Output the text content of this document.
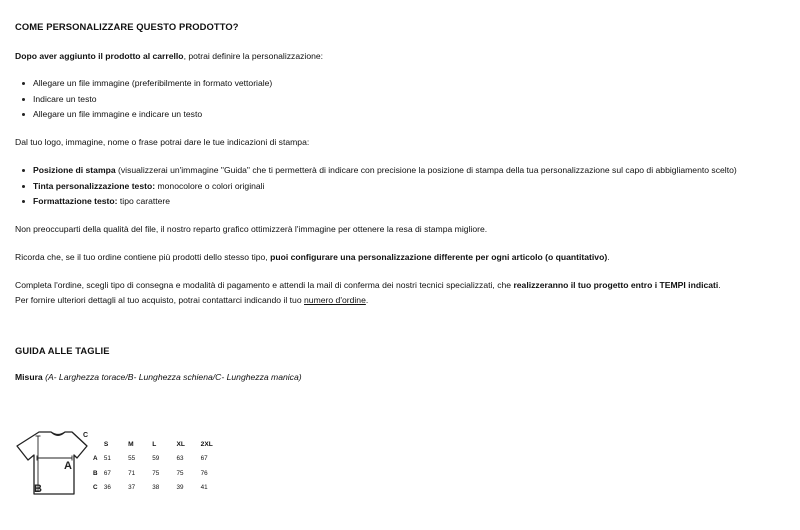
COME PERSONALIZZARE QUESTO PRODOTTO?
Dopo aver aggiunto il prodotto al carrello, potrai definire la personalizzazione:
Allegare un file immagine (preferibilmente in formato vettoriale)
Indicare un testo
Allegare un file immagine e indicare un testo
Dal tuo logo, immagine, nome o frase potrai dare le tue indicazioni di stampa:
Posizione di stampa (visualizzerai un'immagine "Guida" che ti permetterà di indicare con precisione la posizione di stampa della tua personalizzazione sul capo di abbigliamento scelto)
Tinta personalizzazione testo: monocolore o colori originali
Formattazione testo: tipo carattere
Non preoccuparti della qualità del file, il nostro reparto grafico ottimizzerà l'immagine per ottenere la resa di stampa migliore.
Ricorda che, se il tuo ordine contiene più prodotti dello stesso tipo, puoi configurare una personalizzazione differente per ogni articolo (o quantitativo).
Completa l'ordine, scegli tipo di consegna e modalità di pagamento e attendi la mail di conferma dei nostri tecnici specializzati, che realizzeranno il tuo progetto entro i TEMPI indicati.
Per fornire ulteriori dettagli al tuo acquisto, potrai contattarci indicando il tuo numero d'ordine.
GUIDA ALLE TAGLIE
Misura (A- Larghezza torace/B- Lunghezza schiena/C- Lunghezza manica)
A
B
C
	S	M	L	XL	2XL
A	51	55	59	63	67
B	67	71	75	75	76
C	36	37	38	39	41
